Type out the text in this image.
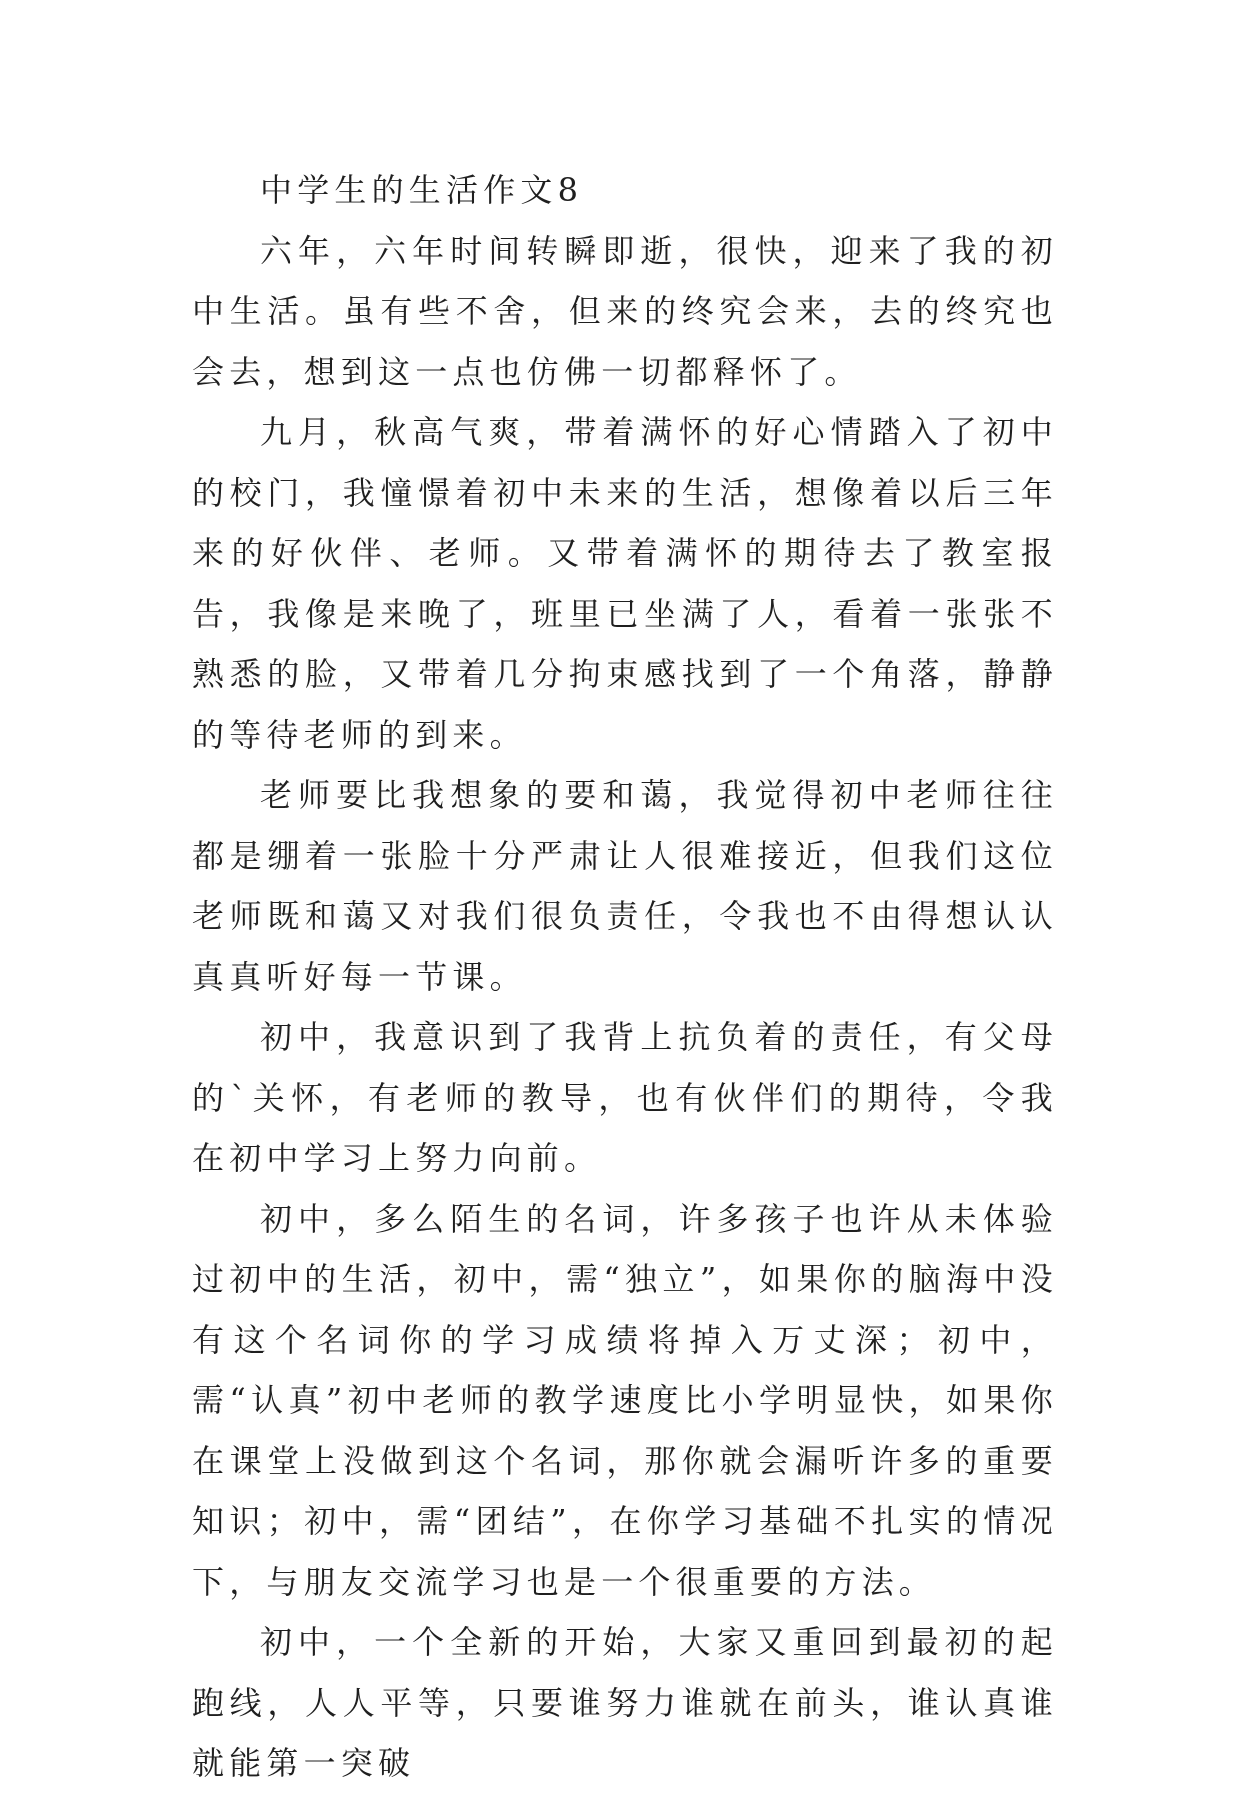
中学生的生活作文8

六年，六年时间转瞬即逝，很快，迎来了我的初中生活。虽有些不舍，但来的终究会来，去的终究也会去，想到这一点也仿佛一切都释怀了。

九月，秋高气爽，带着满怀的好心情踏入了初中的校门，我憧憬着初中未来的生活，想像着以后三年来的好伙伴、老师。又带着满怀的期待去了教室报告，我像是来晚了，班里已坐满了人，看着一张张不熟悉的脸，又带着几分拘束感找到了一个角落，静静的等待老师的到来。

老师要比我想象的要和蔼，我觉得初中老师往往都是绷着一张脸十分严肃让人很难接近，但我们这位老师既和蔼又对我们很负责任，令我也不由得想认认真真听好每一节课。

初中，我意识到了我背上抗负着的责任，有父母的`关怀，有老师的教导，也有伙伴们的期待，令我在初中学习上努力向前。

初中，多么陌生的名词，许多孩子也许从未体验过初中的生活，初中，需“独立”，如果你的脑海中没有这个名词你的学习成绩将掉入万丈深；初中，需“认真”初中老师的教学速度比小学明显快，如果你在课堂上没做到这个名词，那你就会漏听许多的重要知识；初中，需“团结”，在你学习基础不扎实的情况下，与朋友交流学习也是一个很重要的方法。

初中，一个全新的开始，大家又重回到最初的起跑线，人人平等，只要谁努力谁就在前头，谁认真谁就能第一突破
